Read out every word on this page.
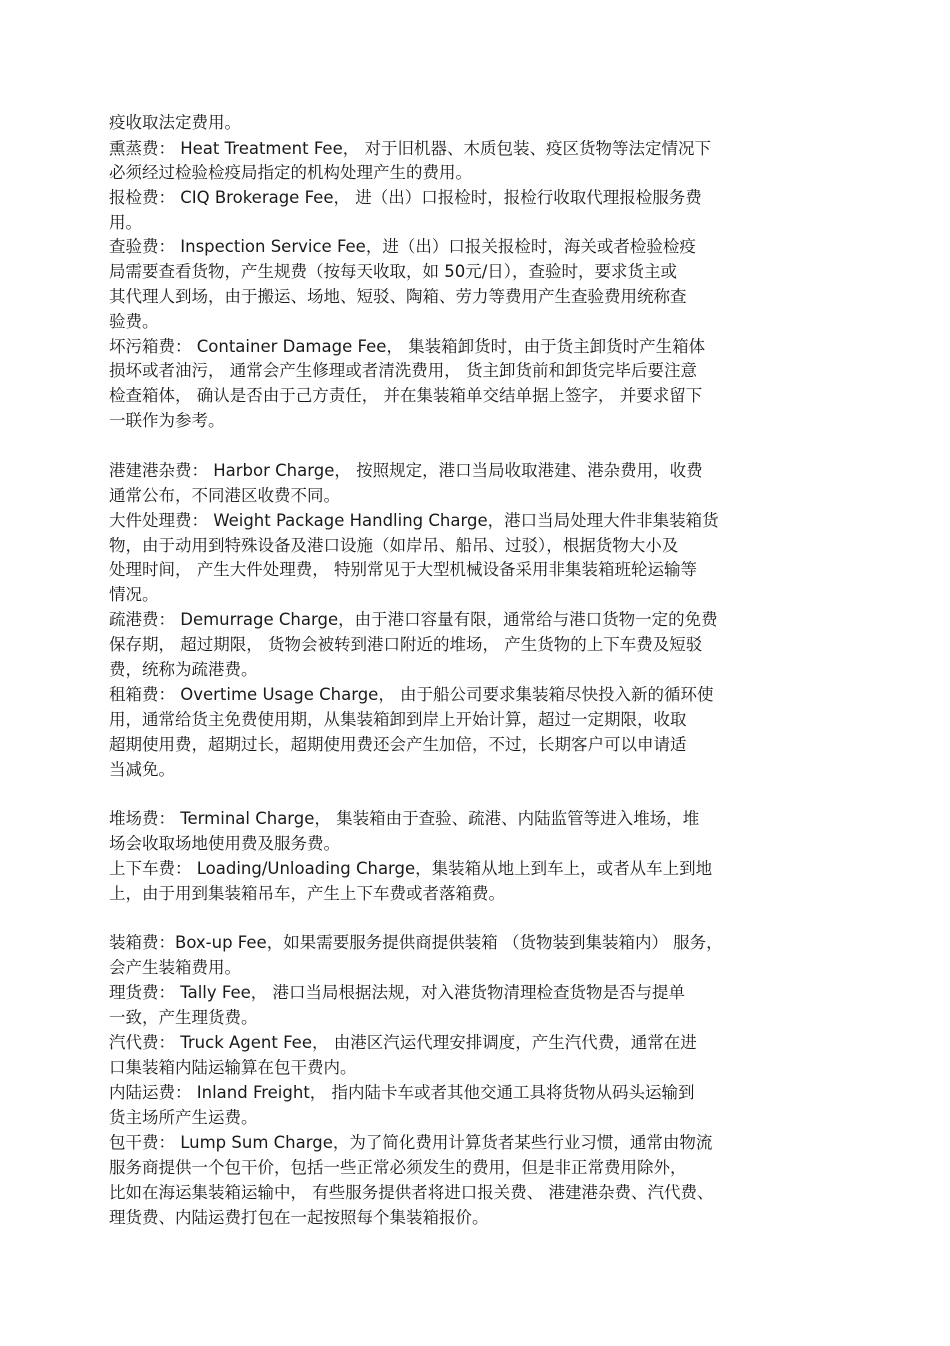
疫收取法定费用。
熏蒸费： Heat Treatment Fee， 对于旧机器、木质包装、疫区货物等法定情况下
必须经过检验检疫局指定的机构处理产生的费用。
报检费： CIQ Brokerage Fee， 进（出）口报检时，报检行收取代理报检服务费
用。
查验费： Inspection Service Fee，进（出）口报关报检时，海关或者检验检疫
局需要查看货物，产生规费（按每天收取，如 50元/日），查验时，要求货主或
其代理人到场，由于搬运、场地、短驳、陶箱、劳力等费用产生查验费用统称查
验费。
坏污箱费： Container Damage Fee， 集装箱卸货时，由于货主卸货时产生箱体
损坏或者油污， 通常会产生修理或者清洗费用， 货主卸货前和卸货完毕后要注意
检查箱体， 确认是否由于己方责任， 并在集装箱单交结单据上签字， 并要求留下
一联作为参考。
港建港杂费： Harbor Charge， 按照规定，港口当局收取港建、港杂费用，收费
通常公布，不同港区收费不同。
大件处理费： Weight Package Handling Charge，港口当局处理大件非集装箱货
物，由于动用到特殊设备及港口设施（如岸吊、船吊、过驳），根据货物大小及
处理时间， 产生大件处理费， 特别常见于大型机械设备采用非集装箱班轮运输等
情况。
疏港费： Demurrage Charge，由于港口容量有限，通常给与港口货物一定的免费
保存期， 超过期限， 货物会被转到港口附近的堆场， 产生货物的上下车费及短驳
费，统称为疏港费。
租箱费： Overtime Usage Charge， 由于船公司要求集装箱尽快投入新的循环使
用，通常给货主免费使用期，从集装箱卸到岸上开始计算，超过一定期限，收取
超期使用费，超期过长，超期使用费还会产生加倍，不过，长期客户可以申请适
当减免。
堆场费： Terminal Charge， 集装箱由于查验、疏港、内陆监管等进入堆场，堆
场会收取场地使用费及服务费。
上下车费： Loading/Unloading Charge，集装箱从地上到车上，或者从车上到地
上，由于用到集装箱吊车，产生上下车费或者落箱费。
装箱费：Box-up Fee，如果需要服务提供商提供装箱 （货物装到集装箱内） 服务，
会产生装箱费用。
理货费： Tally Fee， 港口当局根据法规，对入港货物清理检查货物是否与提单
一致，产生理货费。
汽代费： Truck Agent Fee， 由港区汽运代理安排调度，产生汽代费，通常在进
口集装箱内陆运输算在包干费内。
内陆运费： Inland Freight， 指内陆卡车或者其他交通工具将货物从码头运输到
货主场所产生运费。
包干费： Lump Sum Charge，为了简化费用计算货者某些行业习惯，通常由物流
服务商提供一个包干价，包括一些正常必须发生的费用，但是非正常费用除外，
比如在海运集装箱运输中， 有些服务提供者将进口报关费、 港建港杂费、汽代费、
理货费、内陆运费打包在一起按照每个集装箱报价。
